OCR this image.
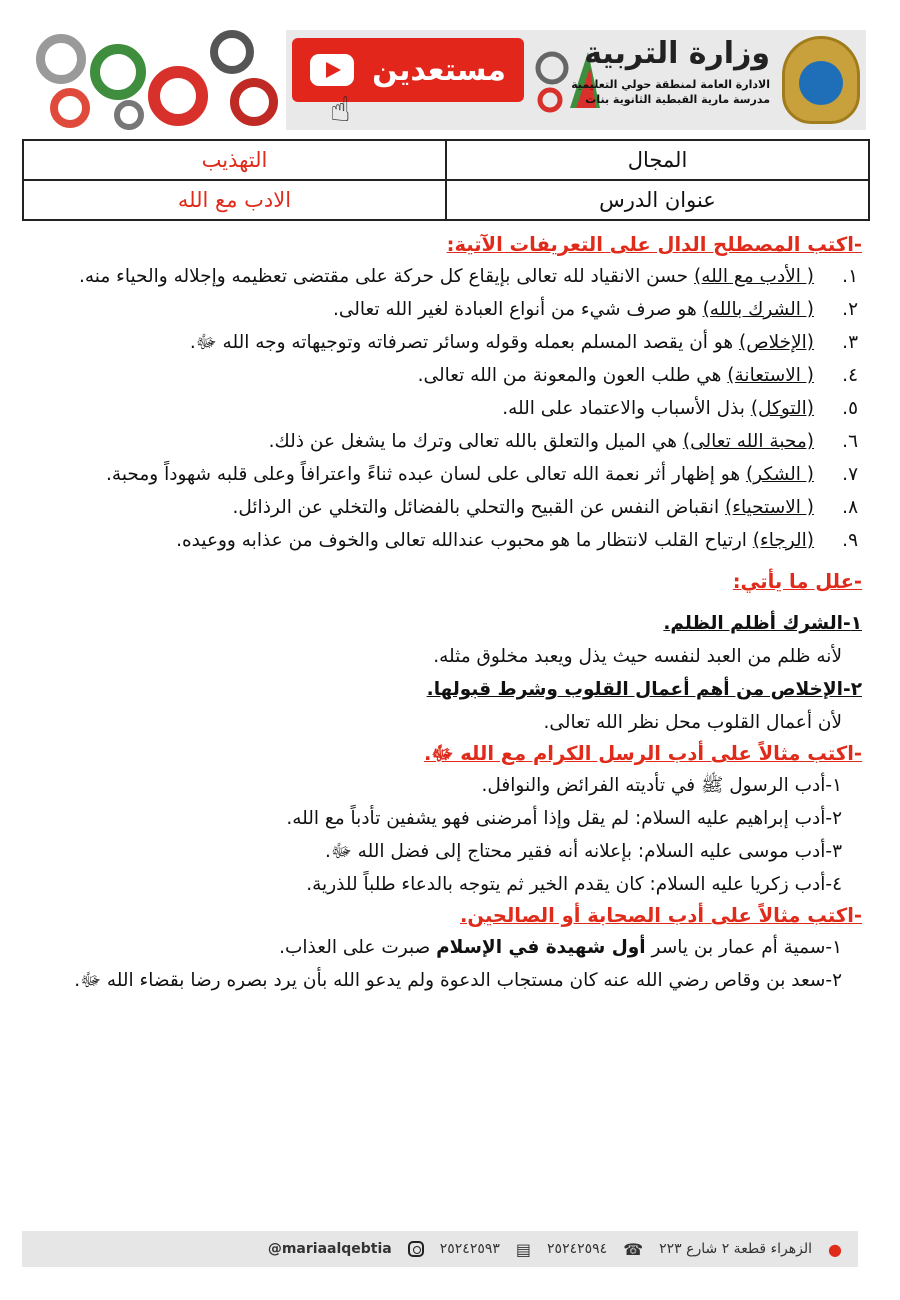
مستعدين
☝
وزارة التربية
الادارة العامة لمنطقة حولي التعليمية
مدرسة مارية القبطية الثانوية بنات
المجال	التهذيب
عنوان الدرس	الادب مع الله
-اكتب المصطلح الدال على التعريفات الآتية:
١.
( الأدب مع الله) حسن الانقياد لله تعالى بإيقاع كل حركة على مقتضى تعظيمه وإجلاله والحياء منه.
٢.
( الشرك بالله) هو صرف شيء من أنواع العبادة لغير الله تعالى.
٣.
(الإخلاص) هو أن يقصد المسلم بعمله وقوله وسائر تصرفاته وتوجيهاته وجه الله ﷻ.
٤.
( الاستعانة) هي طلب العون والمعونة من الله تعالى.
٥.
(التوكل) بذل الأسباب والاعتماد على الله.
٦.
(محبة الله تعالى) هي الميل والتعلق بالله تعالى وترك ما يشغل عن ذلك.
٧.
( الشكر) هو إظهار أثر نعمة الله تعالى على لسان عبده ثناءً واعترافاً وعلى قلبه شهوداً ومحبة.
٨.
( الاستحياء) انقباض النفس عن القبيح والتحلي بالفضائل والتخلي عن الرذائل.
٩.
(الرجاء) ارتياح القلب لانتظار ما هو محبوب عندالله تعالى والخوف من عذابه ووعيده.
-علل ما يأتي:
١-الشرك أظلم الظلم.
لأنه ظلم من العبد لنفسه حيث يذل ويعبد مخلوق مثله.
٢-الإخلاص من أهم أعمال القلوب وشرط قبولها.
لأن أعمال القلوب محل نظر الله تعالى.
-اكتب مثالاً على أدب الرسل الكرام مع الله ﷻ.
١-أدب الرسول ﷺ في تأديته الفرائض والنوافل.
٢-أدب إبراهيم عليه السلام: لم يقل وإذا أمرضنى فهو يشفين تأدباً مع الله.
٣-أدب موسى عليه السلام: بإعلانه أنه فقير محتاج إلى فضل الله ﷻ.
٤-أدب زكريا عليه السلام: كان يقدم الخير ثم يتوجه بالدعاء طلباً للذرية.
-اكتب مثالاً على أدب الصحابة أو الصالحين.
١-سمية أم عمار بن ياسر أول شهيدة في الإسلام صبرت على العذاب.
٢-سعد بن وقاص رضي الله عنه كان مستجاب الدعوة ولم يدعو الله بأن يرد بصره رضا بقضاء الله ﷻ.
●
الزهراء قطعة ٢ شارع ٢٢٣
☎
٢٥٢٤٢٥٩٤
▤
٢٥٢٤٢٥٩٣
@mariaalqebtia
